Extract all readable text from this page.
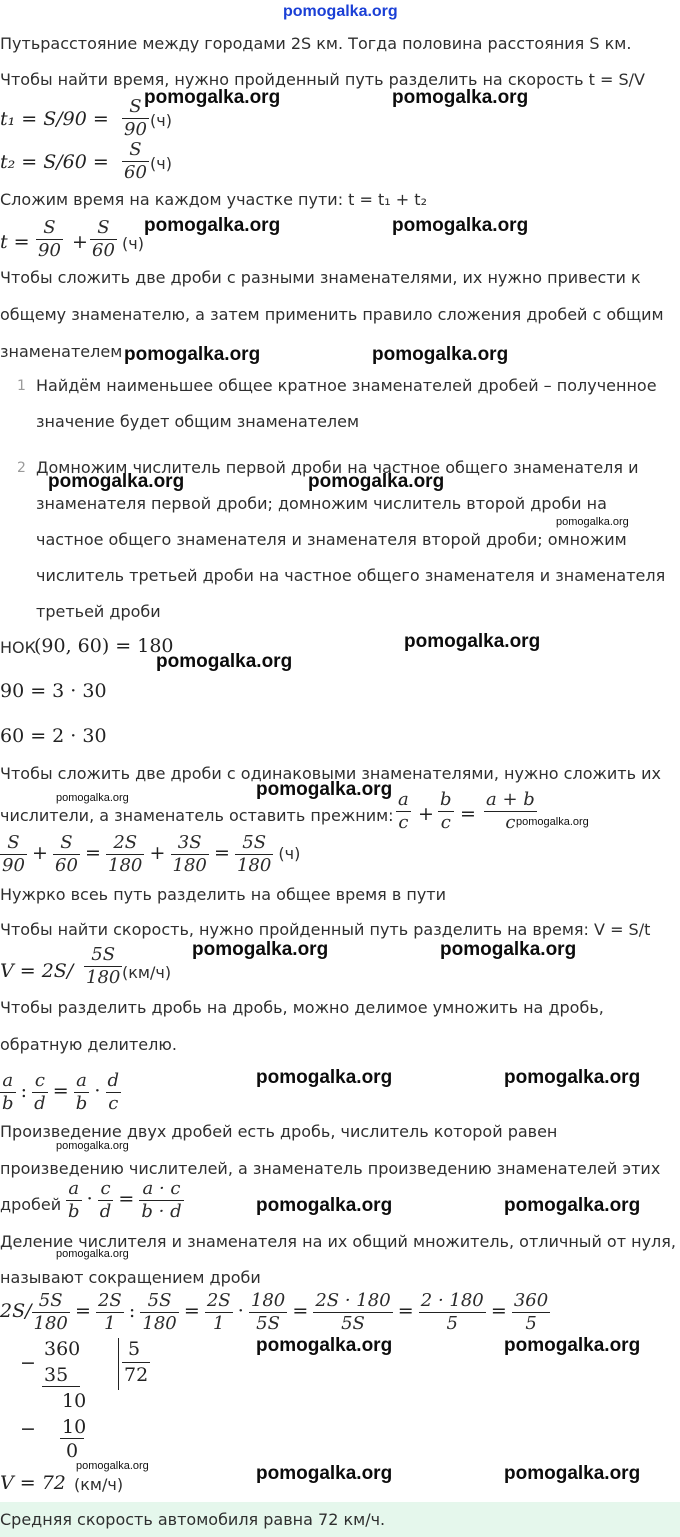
pomogalka.org
Путьрасстояние между городами 2S км. Тогда половина расстояния S км.
Чтобы найти время, нужно пройденный путь разделить на скорость t = S/V
$t_1 = S/90 = \frac{S}{90} (ч)$
$t_2 = S/60 = \frac{S}{60} (ч)$
Сложим время на каждом участке пути: t = t₁ + t₂
$t = \frac{S}{90} + \frac{S}{60} (ч)$
Чтобы сложить две дроби с разными знаменателями, их нужно привести к
общему знаменателю, а затем применить правило сложения дробей с общим
знаменателем
1 Найдём наименьшее общее кратное знаменателей дробей – полученное
значение будет общим знаменателем
2 Домножим числитель первой дроби на частное общего знаменателя и
знаменателя первой дроби; домножим числитель второй дроби на
частное общего знаменателя и знаменателя второй дроби; омножим
числитель третьей дроби на частное общего знаменателя и знаменателя
третьей дроби
НОК
(90, 60) = 180
90 = 3 · 30
60 = 2 · 30
Чтобы сложить две дроби с одинаковыми знаменателями, нужно сложить их
числители, а знаменатель оставить прежним: $\frac{a}{c} + \frac{b}{c} = \frac{a + b}{c}$
$\frac{S}{90} + \frac{S}{60} = \frac{2S}{180} + \frac{3S}{180} = \frac{5S}{180} (ч)$
Нужрко всеь путь разделить на общее время в пути
Чтобы найти скорость, нужно пройденный путь разделить на время: V = S/t
$V = 2S/ \frac{5S}{180} (км/ч)$
Чтобы разделить дробь на дробь, можно делимое умножить на дробь,
обратную делителю.
$\frac{a}{b}$ : $\frac{c}{d} = \frac{a}{b} \cdot \frac{d}{c}$
Произведение двух дробей есть дробь, числитель которой равен
произведению числителей, а знаменатель произведению знаменателей этих
дробей $\frac{a}{b} \cdot \frac{c}{d} = \frac{a \cdot c}{b \cdot d}$
Деление числителя и знаменателя на их общий множитель, отличный от нуля,
называют сокращением дроби
$2S/ \frac{5S}{180} = \frac{2S}{1}$ : $\frac{5S}{180} = \frac{2S}{1} \cdot \frac{180}{5S} = \frac{2S \cdot 180}{5S} = \frac{2 \cdot 180}{5} = \frac{360}{5}$
−
360
35
10
− 10
0
5
72
V = 72 (км/ч)
Средняя скорость автомобиля равна 72 км/ч.
pomogalka.org	pomogalka.org
pomogalka.org	pomogalka.org
pomogalka.org	pomogalka.org
pomogalka.org	pomogalka.org
pomogalka.org
pomogalka.org
pomogalka.org
pomogalka.org
pomogalka.org
pomogalka.org
pomogalka.org	pomogalka.org
pomogalka.org	pomogalka.org
pomogalka.org
pomogalka.org	pomogalka.org
pomogalka.org
pomogalka.org	pomogalka.org
pomogalka.org	pomogalka.org	pomogalka.org
